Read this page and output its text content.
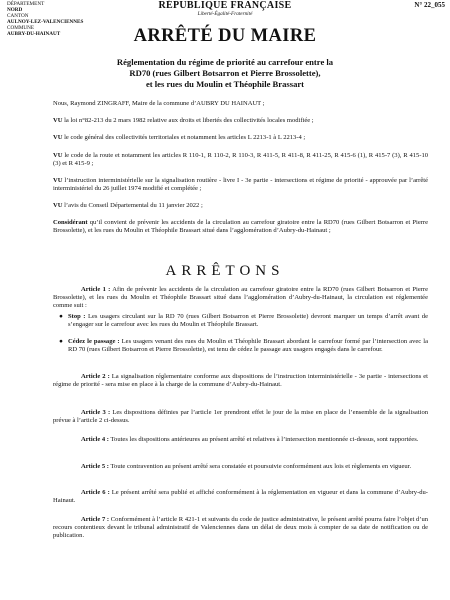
DÉPARTEMENT
NORD
CANTON
AULNOY-LEZ-VALENCIENNES
COMMUNE
AUBRY-DU-HAINAUT
RÉPUBLIQUE FRANÇAISE
Liberté-Égalité-Fraternité
N° 22_055
ARRÊTÉ DU MAIRE
Réglementation du régime de priorité au carrefour entre la
RD70 (rues Gilbert Botsarron et Pierre Brossolette),
et les rues du Moulin et Théophile Brassart
Nous, Raymond ZINGRAFF, Maire de la commune d’AUBRY DU HAINAUT ;
VU la loi n°82-213 du 2 mars 1982 relative aux droits et libertés des collectivités locales modifiée ;
VU le code général des collectivités territoriales et notamment les articles L 2213-1 à L 2213-4 ;
VU le code de la route et notamment les articles R 110-1, R 110-2, R 110-3, R 411-5, R 411-8, R 411-25, R 415-6 (1), R 415-7 (3), R 415-10 (3) et R 415-9 ;
VU l’instruction interministérielle sur la signalisation routière - livre I - 3e partie - intersections et régime de priorité - approuvée par l’arrêté interministériel du 26 juillet 1974 modifié et complétée ;
VU l’avis du Conseil Départemental du 11 janvier 2022 ;
Considérant qu’il convient de prévenir les accidents de la circulation au carrefour giratoire entre la RD70 (rues Gilbert Botsarron et Pierre Brossolette), et les rues du Moulin et Théophile Brassart situé dans l’agglomération d’Aubry-du-Hainaut ;
ARRÊTONS
Article 1 : Afin de prévenir les accidents de la circulation au carrefour giratoire entre la RD70 (rues Gilbert Botsarron et Pierre Brossolette), et les rues du Moulin et Théophile Brassart situé dans l’agglomération d’Aubry-du-Hainaut, la circulation est réglementée comme suit :
● Stop : Les usagers circulant sur la RD 70 (rues Gilbert Botsarron et Pierre Brossolette) devront marquer un temps d’arrêt avant de s’engager sur le carrefour avec les rues du Moulin et Théophile Brassart.
● Cédez le passage : Les usagers venant des rues du Moulin et Théophile Brassart abordant le carrefour formé par l’intersection avec la RD 70 (rues Gilbert Botsarron et Pierre Brossolette), est tenu de cédez le passage aux usagers engagés dans le carrefour.
Article 2 : La signalisation réglementaire conforme aux dispositions de l’instruction interministérielle - 3e partie - intersections et régime de priorité - sera mise en place à la charge de la commune d’Aubry-du-Hainaut.
Article 3 : Les dispositions définies par l’article 1er prendront effet le jour de la mise en place de l’ensemble de la signalisation prévue à l’article 2 ci-dessus.
Article 4 : Toutes les dispositions antérieures au présent arrêté et relatives à l’intersection mentionnée ci-dessus, sont rapportées.
Article 5 : Toute contravention au présent arrêté sera constatée et poursuivie conformément aux lois et règlements en vigueur.
Article 6 : Le présent arrêté sera publié et affiché conformément à la réglementation en vigueur et dans la commune d’Aubry-du-Hainaut.
Article 7 : Conformément à l’article R 421-1 et suivants du code de justice administrative, le présent arrêté pourra faire l’objet d’un recours contentieux devant le tribunal administratif de Valenciennes dans un délai de deux mois à compter de sa date de notification ou de publication.
